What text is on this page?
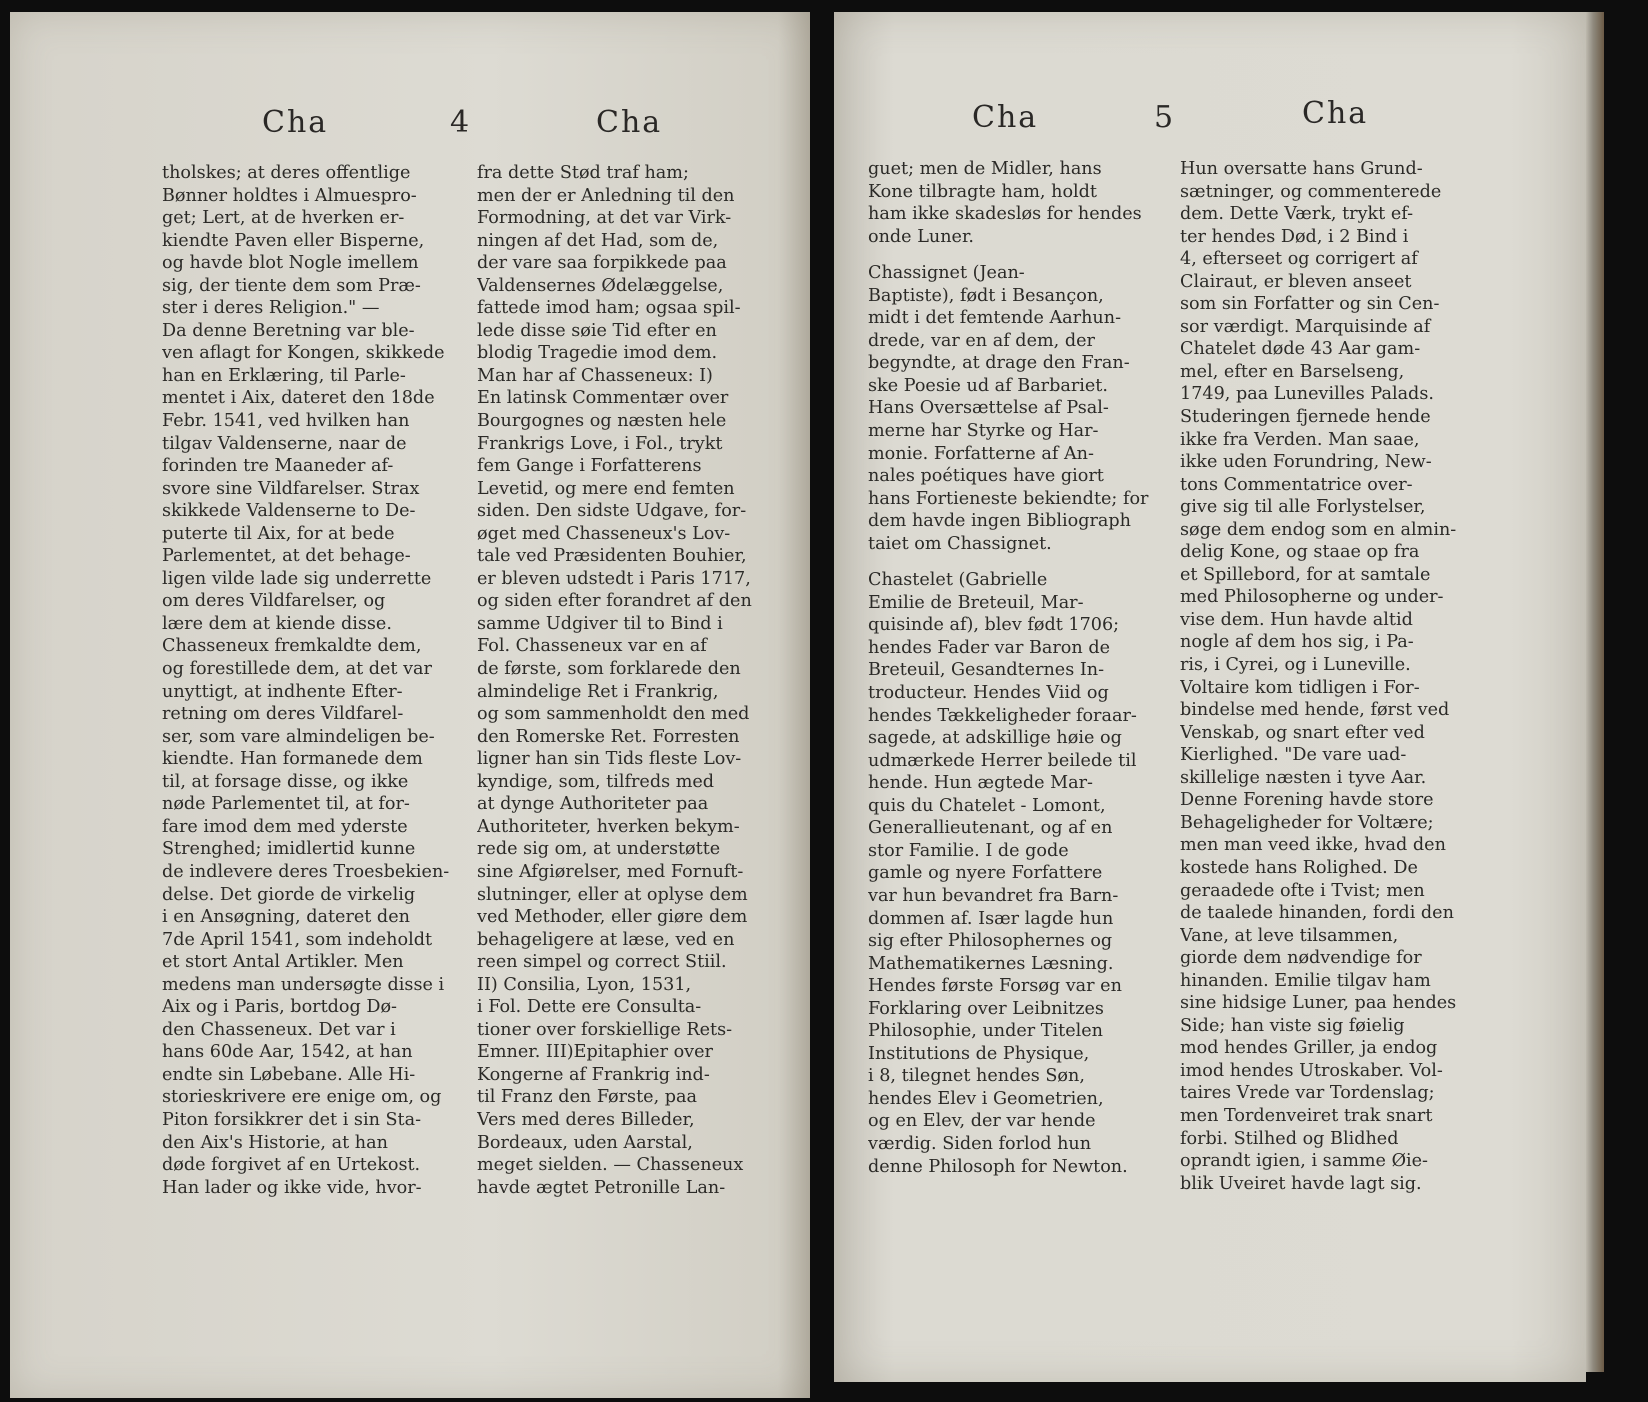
Cha	4	Cha
tholskes; at deres offentlige
Bønner holdtes i Almuespro-
get; Lert, at de hverken er-
kiendte Paven eller Bisperne,
og havde blot Nogle imellem
sig, der tiente dem som Præ-
ster i deres Religion." —
Da denne Beretning var ble-
ven aflagt for Kongen, skikkede
han en Erklæring, til Parle-
mentet i Aix, dateret den 18de
Febr. 1541, ved hvilken han
tilgav Valdenserne, naar de
forinden tre Maaneder af-
svore sine Vildfarelser. Strax
skikkede Valdenserne to De-
puterte til Aix, for at bede
Parlementet, at det behage-
ligen vilde lade sig underrette
om deres Vildfarelser, og
lære dem at kiende disse.
Chasseneux fremkaldte dem,
og forestillede dem, at det var
unyttigt, at indhente Efter-
retning om deres Vildfarel-
ser, som vare almindeligen be-
kiendte. Han formanede dem
til, at forsage disse, og ikke
nøde Parlementet til, at for-
fare imod dem med yderste
Strenghed; imidlertid kunne
de indlevere deres Troesbekien-
delse. Det giorde de virkelig
i en Ansøgning, dateret den
7de April 1541, som indeholdt
et stort Antal Artikler. Men
medens man undersøgte disse i
Aix og i Paris, bortdog Dø-
den Chasseneux. Det var i
hans 60de Aar, 1542, at han
endte sin Løbebane. Alle Hi-
storieskrivere ere enige om, og
Piton forsikkrer det i sin Sta-
den Aix's Historie, at han
døde forgivet af en Urtekost.
Han lader og ikke vide, hvor-
fra dette Stød traf ham;
men der er Anledning til den
Formodning, at det var Virk-
ningen af det Had, som de,
der vare saa forpikkede paa
Valdensernes Ødelæggelse,
fattede imod ham; ogsaa spil-
lede disse søie Tid efter en
blodig Tragedie imod dem.
Man har af Chasseneux: I)
En latinsk Commentær over
Bourgognes og næsten hele
Frankrigs Love, i Fol., trykt
fem Gange i Forfatterens
Levetid, og mere end femten
siden. Den sidste Udgave, for-
øget med Chasseneux's Lov-
tale ved Præsidenten Bouhier,
er bleven udstedt i Paris 1717,
og siden efter forandret af den
samme Udgiver til to Bind i
Fol. Chasseneux var en af
de første, som forklarede den
almindelige Ret i Frankrig,
og som sammenholdt den med
den Romerske Ret. Forresten
ligner han sin Tids fleste Lov-
kyndige, som, tilfreds med
at dynge Authoriteter paa
Authoriteter, hverken bekym-
rede sig om, at understøtte
sine Afgiørelser, med Fornuft-
slutninger, eller at oplyse dem
ved Methoder, eller giøre dem
behageligere at læse, ved en
reen simpel og correct Stiil.
II) Consilia, Lyon, 1531,
i Fol. Dette ere Consulta-
tioner over forskiellige Rets-
Emner. III)Epitaphier over
Kongerne af Frankrig ind-
til Franz den Første, paa
Vers med deres Billeder,
Bordeaux, uden Aarstal,
meget sielden. — Chasseneux
havde ægtet Petronille Lan-
Cha	5	Cha
guet; men de Midler, hans
Kone tilbragte ham, holdt
ham ikke skadesløs for hendes
onde Luner.
Chassignet (Jean-
Baptiste), født i Besançon,
midt i det femtende Aarhun-
drede, var en af dem, der
begyndte, at drage den Fran-
ske Poesie ud af Barbariet.
Hans Oversættelse af Psal-
merne har Styrke og Har-
monie. Forfatterne af An-
nales poétiques have giort
hans Fortieneste bekiendte; for
dem havde ingen Bibliograph
taiet om Chassignet.
Chastelet (Gabrielle
Emilie de Breteuil, Mar-
quisinde af), blev født 1706;
hendes Fader var Baron de
Breteuil, Gesandternes In-
troducteur. Hendes Viid og
hendes Tækkeligheder foraar-
sagede, at adskillige høie og
udmærkede Herrer beilede til
hende. Hun ægtede Mar-
quis du Chatelet - Lomont,
Generallieutenant, og af en
stor Familie. I de gode
gamle og nyere Forfattere
var hun bevandret fra Barn-
dommen af. Især lagde hun
sig efter Philosophernes og
Mathematikernes Læsning.
Hendes første Forsøg var en
Forklaring over Leibnitzes
Philosophie, under Titelen
Institutions de Physique,
i 8, tilegnet hendes Søn,
hendes Elev i Geometrien,
og en Elev, der var hende
værdig. Siden forlod hun
denne Philosoph for Newton.
Hun oversatte hans Grund-
sætninger, og commenterede
dem. Dette Værk, trykt ef-
ter hendes Død, i 2 Bind i
4, efterseet og corrigert af
Clairaut, er bleven anseet
som sin Forfatter og sin Cen-
sor værdigt. Marquisinde af
Chatelet døde 43 Aar gam-
mel, efter en Barselseng,
1749, paa Lunevilles Palads.
Studeringen fjernede hende
ikke fra Verden. Man saae,
ikke uden Forundring, New-
tons Commentatrice over-
give sig til alle Forlystelser,
søge dem endog som en almin-
delig Kone, og staae op fra
et Spillebord, for at samtale
med Philosopherne og under-
vise dem. Hun havde altid
nogle af dem hos sig, i Pa-
ris, i Cyrei, og i Luneville.
Voltaire kom tidligen i For-
bindelse med hende, først ved
Venskab, og snart efter ved
Kierlighed. "De vare uad-
skillelige næsten i tyve Aar.
Denne Forening havde store
Behageligheder for Voltære;
men man veed ikke, hvad den
kostede hans Rolighed. De
geraadede ofte i Tvist; men
de taalede hinanden, fordi den
Vane, at leve tilsammen,
giorde dem nødvendige for
hinanden. Emilie tilgav ham
sine hidsige Luner, paa hendes
Side; han viste sig føielig
mod hendes Griller, ja endog
imod hendes Utroskaber. Vol-
taires Vrede var Tordenslag;
men Tordenveiret trak snart
forbi. Stilhed og Blidhed
oprandt igien, i samme Øie-
blik Uveiret havde lagt sig.
